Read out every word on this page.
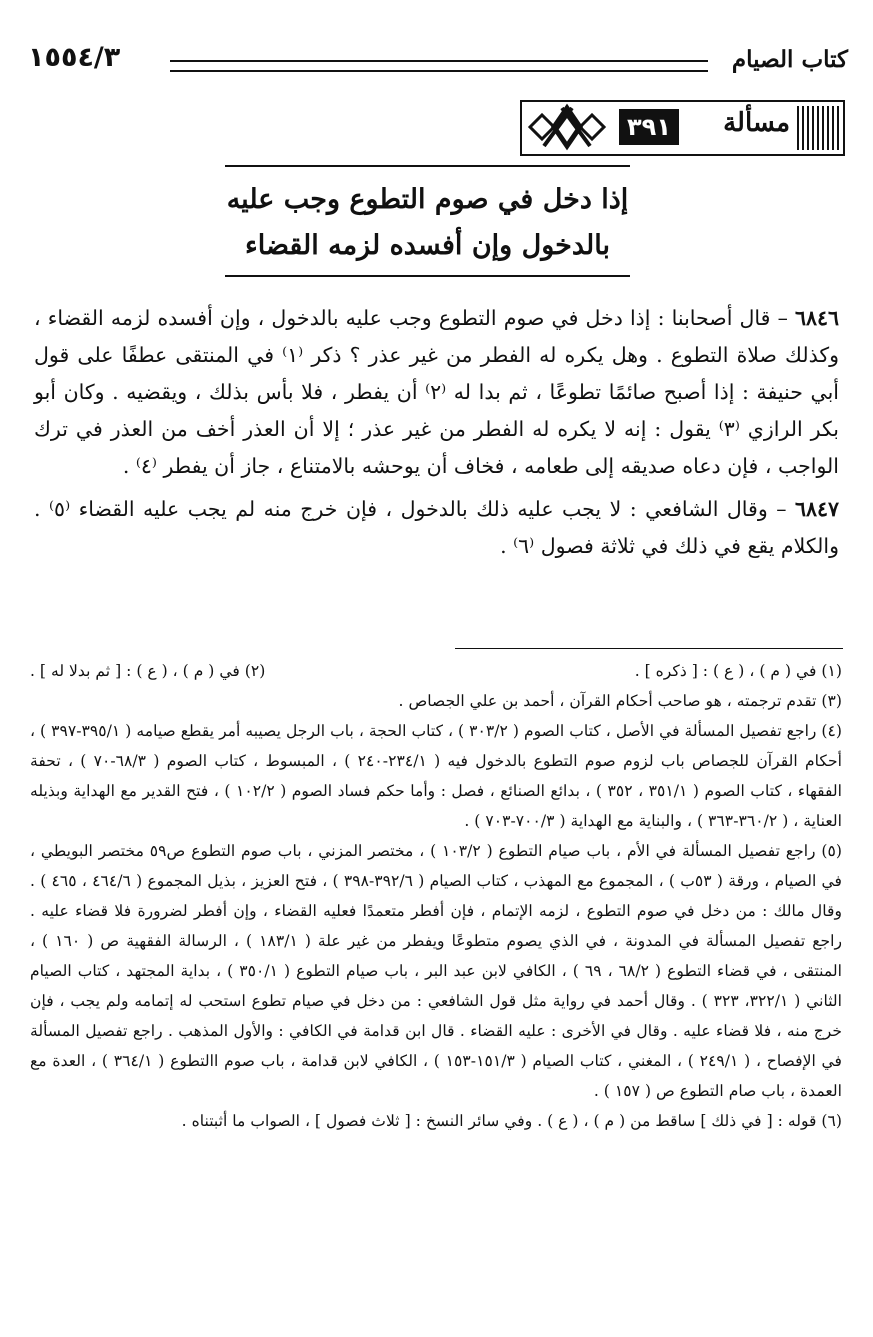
كتاب الصيام
١٥٥٤/٣
مسألة
٣٩١
إذا دخل في صوم التطوع وجب عليه
بالدخول وإن أفسده لزمه القضاء

٦٨٤٦ – قال أصحابنا : إذا دخل في صوم التطوع وجب عليه بالدخول ، وإن أفسده لزمه القضاء ، وكذلك صلاة التطوع . وهل يكره له الفطر من غير عذر ؟ ذكر ⁽١⁾ في المنتقى عطفًا على قول أبي حنيفة : إذا أصبح صائمًا تطوعًا ، ثم بدا له ⁽٢⁾ أن يفطر ، فلا بأس بذلك ، ويقضيه . وكان أبو بكر الرازي ⁽٣⁾ يقول : إنه لا يكره له الفطر من غير عذر ؛ إلا أن العذر أخف من العذر في ترك الواجب ، فإن دعاه صديقه إلى طعامه ، فخاف أن يوحشه بالامتناع ، جاز أن يفطر ⁽٤⁾ .

٦٨٤٧ – وقال الشافعي : لا يجب عليه ذلك بالدخول ، فإن خرج منه لم يجب عليه القضاء ⁽٥⁾ . والكلام يقع في ذلك في ثلاثة فصول ⁽٦⁾ .

(١) في ( م ) ، ( ع ) : [ ذكره ] .
(٢) في ( م ) ، ( ع ) : [ ثم بدلا له ] .

(٣) تقدم ترجمته ، هو صاحب أحكام القرآن ، أحمد بن علي الجصاص .

(٤) راجع تفصيل المسألة في الأصل ، كتاب الصوم ( ٣٠٣/٢ ) ، كتاب الحجة ، باب الرجل يصيبه أمر يقطع صيامه ( ٣٩٥/١-٣٩٧ ) ، أحكام القرآن للجصاص باب لزوم صوم التطوع بالدخول فيه ( ٢٣٤/١-٢٤٠ ) ، المبسوط ، كتاب الصوم ( ٦٨/٣-٧٠ ) ، تحفة الفقهاء ، كتاب الصوم ( ٣٥١/١ ، ٣٥٢ ) ، بدائع الصنائع ، فصل : وأما حكم فساد الصوم ( ١٠٢/٢ ) ، فتح القدير مع الهداية وبذيله العناية ، ( ٣٦٠/٢-٣٦٣ ) ، والبناية مع الهداية ( ٧٠٠/٣-٧٠٣ ) .

(٥) راجع تفصيل المسألة في الأم ، باب صيام التطوع ( ١٠٣/٢ ) ، مختصر المزني ، باب صوم التطوع ص٥٩ مختصر البويطي ، في الصيام ، ورقة ( ٥٣ب ) ، المجموع مع المهذب ، كتاب الصيام ( ٣٩٢/٦-٣٩٨ ) ، فتح العزيز ، بذيل المجموع ( ٤٦٤/٦ ، ٤٦٥ ) . وقال مالك : من دخل في صوم التطوع ، لزمه الإتمام ، فإن أفطر متعمدًا فعليه القضاء ، وإن أفطر لضرورة فلا قضاء عليه . راجع تفصيل المسألة في المدونة ، في الذي يصوم متطوعًا ويفطر من غير علة ( ١٨٣/١ ) ، الرسالة الفقهية ص ( ١٦٠ ) ، المنتقى ، في قضاء التطوع ( ٦٨/٢ ، ٦٩ ) ، الكافي لابن عبد البر ، باب صيام التطوع ( ٣٥٠/١ ) ، بداية المجتهد ، كتاب الصيام الثاني ( ٣٢٢/١، ٣٢٣ ) . وقال أحمد في رواية مثل قول الشافعي : من دخل في صيام تطوع استحب له إتمامه ولم يجب ، فإن خرج منه ، فلا قضاء عليه . وقال في الأخرى : عليه القضاء . قال ابن قدامة في الكافي : والأول المذهب . راجع تفصيل المسألة في الإفصاح ، ( ٢٤٩/١ ) ، المغني ، كتاب الصيام ( ١٥١/٣-١٥٣ ) ، الكافي لابن قدامة ، باب صوم االتطوع ( ٣٦٤/١ ) ، العدة مع العمدة ، باب صام التطوع ص ( ١٥٧ ) .

(٦) قوله : [ في ذلك ] ساقط من ( م ) ، ( ع ) . وفي سائر النسخ : [ ثلاث فصول ] ، الصواب ما أثبتناه .
